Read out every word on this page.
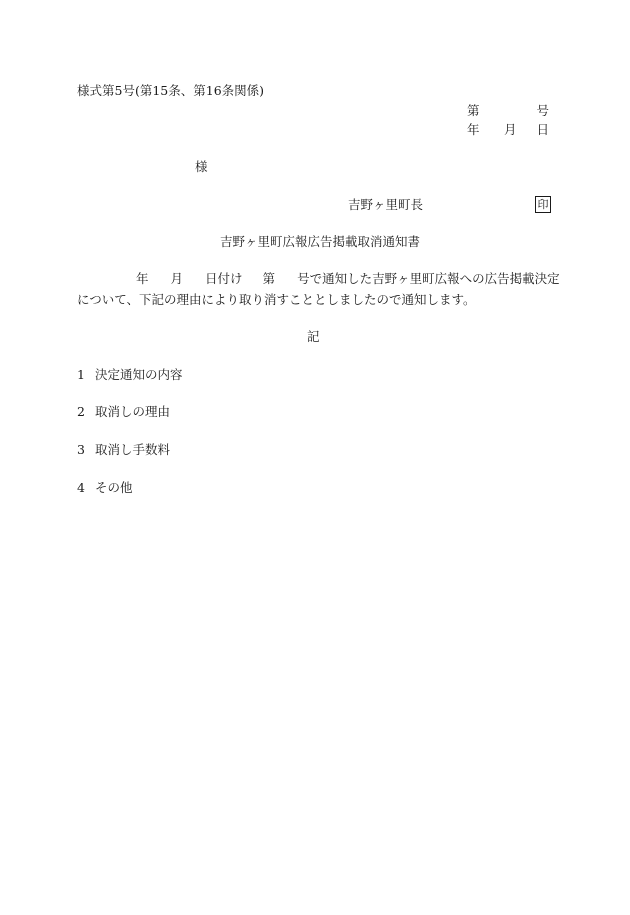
様式第5号(第15条、第16条関係)
第	号
年 月 日
様
吉野ヶ里町長	印
吉野ヶ里町広報広告掲載取消通知書
年 月 日付け 第 号で通知した吉野ヶ里町広報への広告掲載決定
について、下記の理由により取り消すこととしましたので通知します。
記
1 決定通知の内容
2 取消しの理由
3 取消し手数料
4 その他
